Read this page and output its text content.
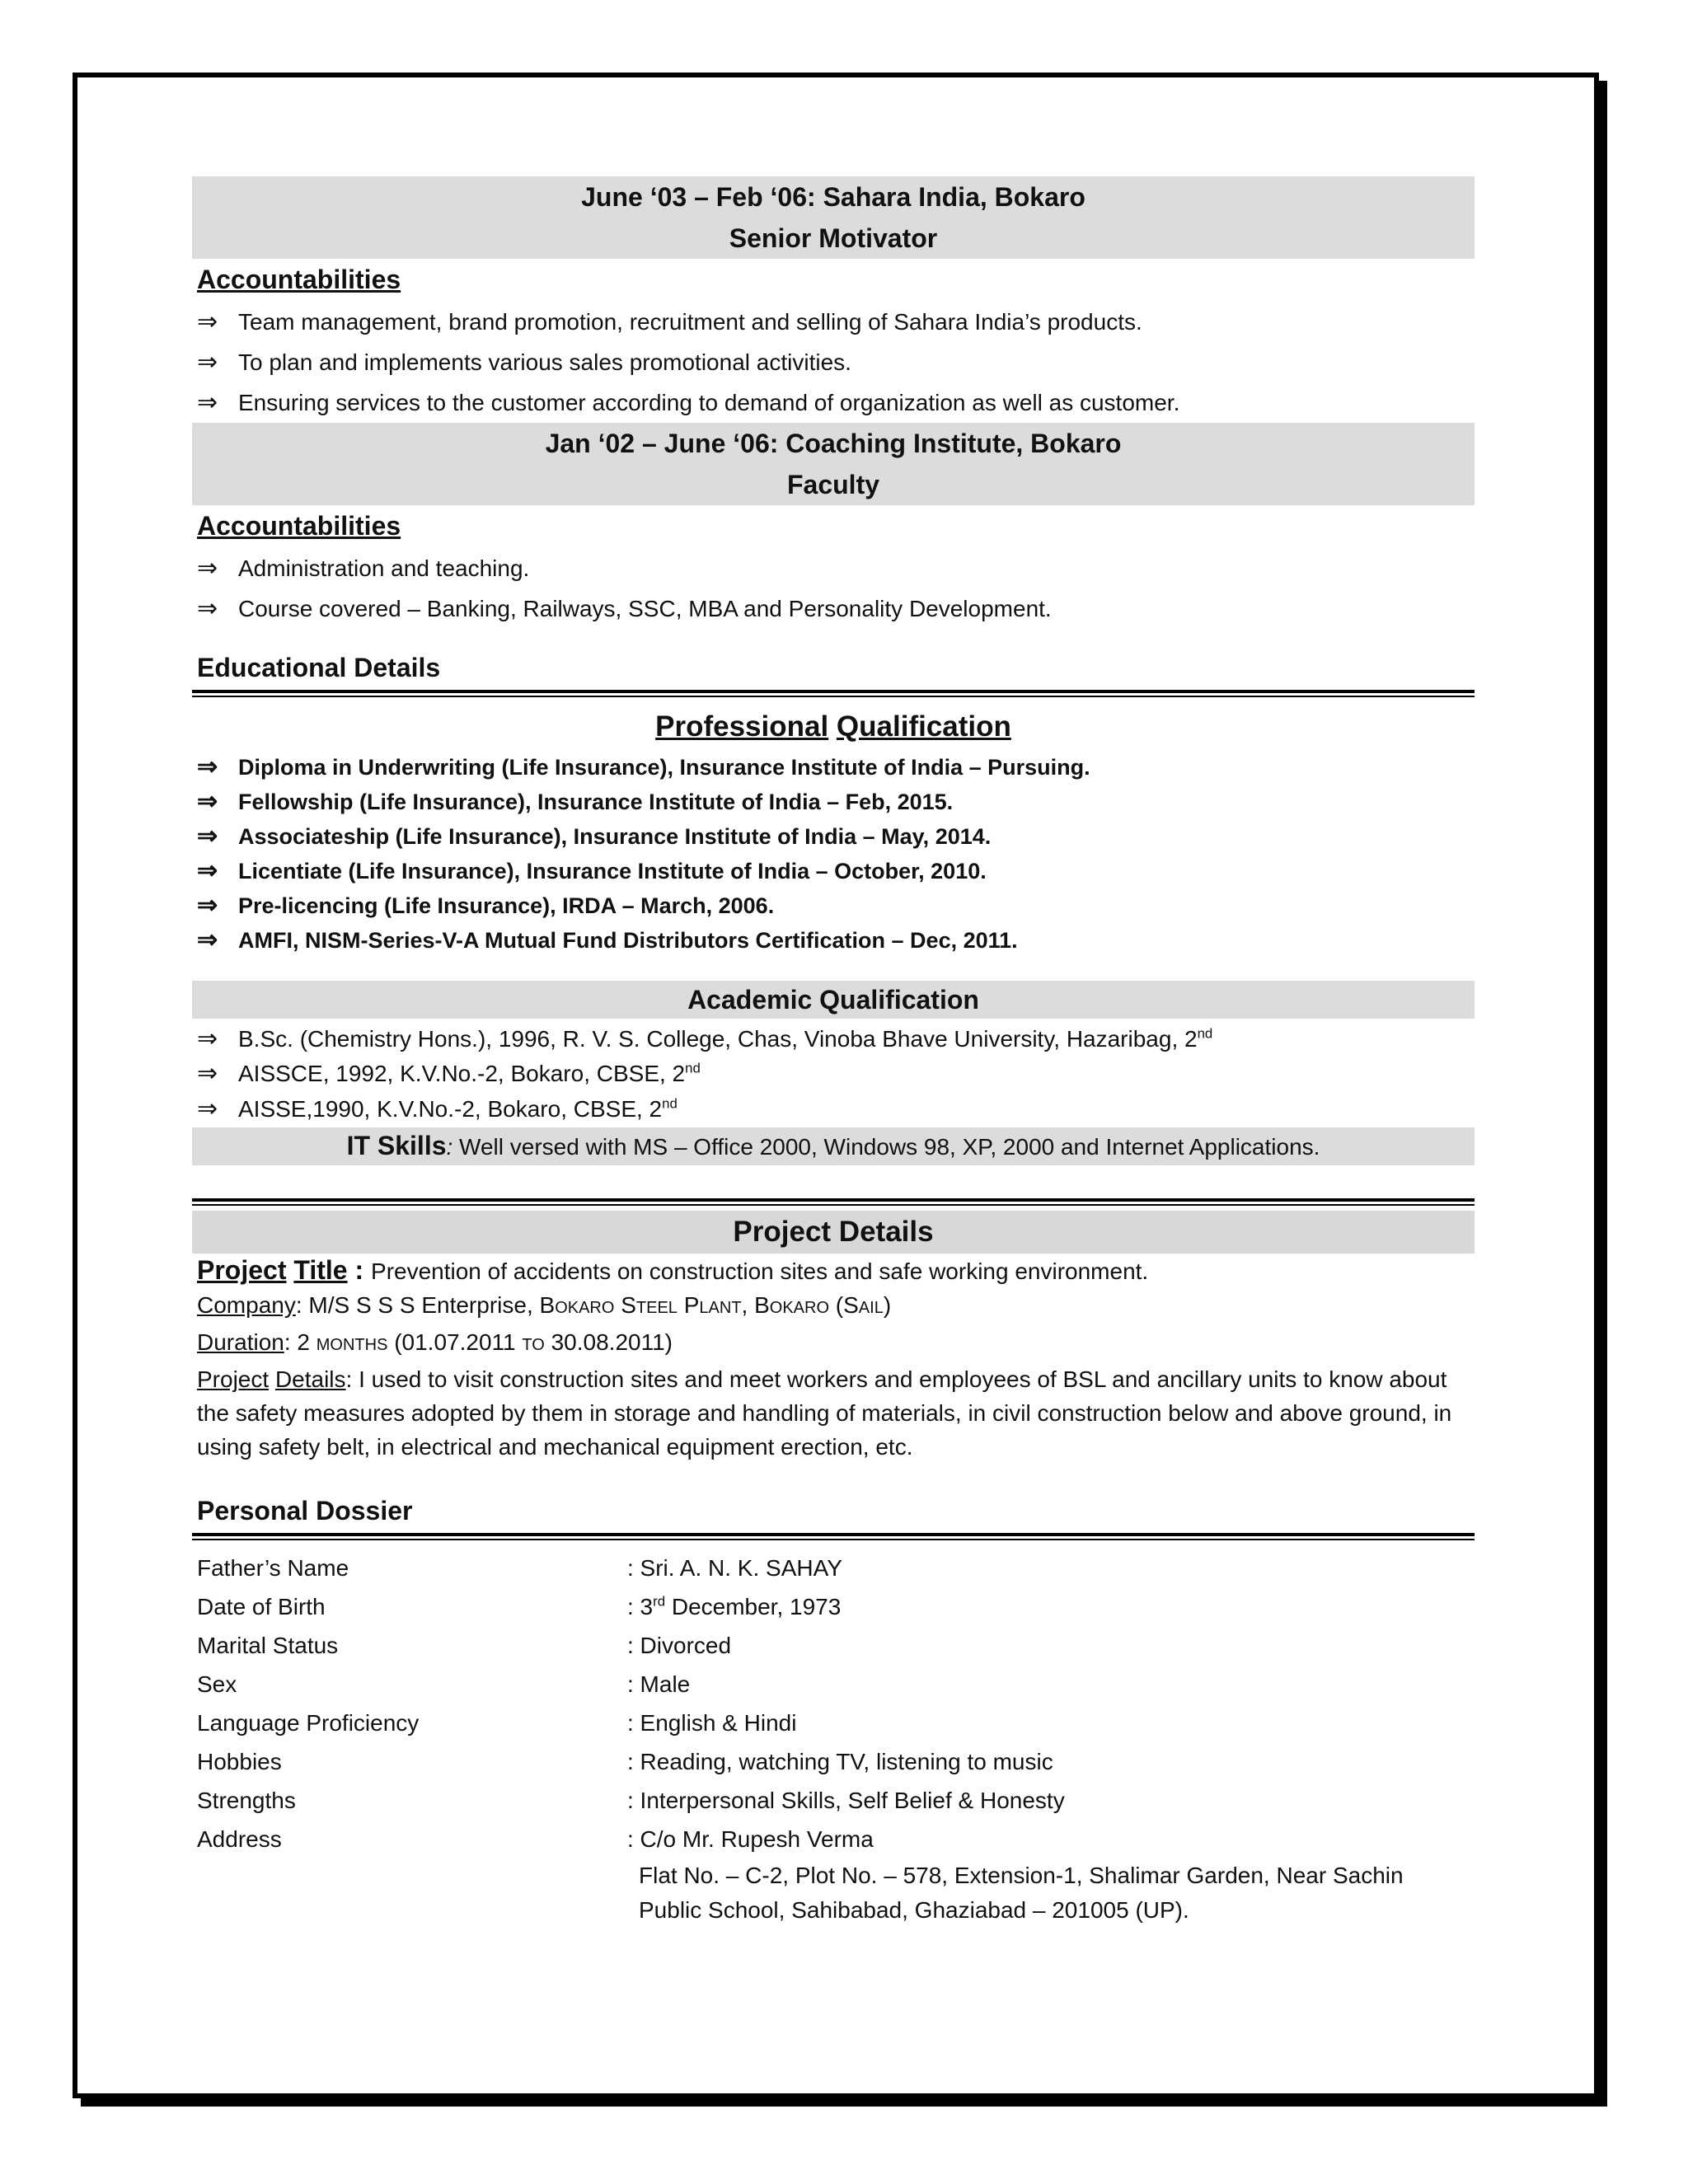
June ‘03 – Feb ‘06: Sahara India, Bokaro
Senior Motivator
Accountabilities
⇒ Team management, brand promotion, recruitment and selling of Sahara India’s products.
⇒ To plan and implements various sales promotional activities.
⇒ Ensuring services to the customer according to demand of organization as well as customer.
Jan ‘02 – June ‘06: Coaching Institute, Bokaro
Faculty
Accountabilities
⇒ Administration and teaching.
⇒ Course covered – Banking, Railways, SSC, MBA and Personality Development.
Educational Details
Professional Qualification
⇒ Diploma in Underwriting (Life Insurance), Insurance Institute of India – Pursuing.
⇒ Fellowship (Life Insurance), Insurance Institute of India – Feb, 2015.
⇒ Associateship (Life Insurance), Insurance Institute of India – May, 2014.
⇒ Licentiate (Life Insurance), Insurance Institute of India – October, 2010.
⇒ Pre-licencing (Life Insurance), IRDA – March, 2006.
⇒ AMFI, NISM-Series-V-A Mutual Fund Distributors Certification – Dec, 2011.
Academic Qualification
⇒ B.Sc. (Chemistry Hons.), 1996, R. V. S. College, Chas, Vinoba Bhave University, Hazaribag, 2nd
⇒ AISSCE, 1992, K.V.No.-2, Bokaro, CBSE, 2nd
⇒ AISSE,1990, K.V.No.-2, Bokaro, CBSE, 2nd
IT Skills: Well versed with MS – Office 2000, Windows 98, XP, 2000 and Internet Applications.
Project Details

Project Title : Prevention of accidents on construction sites and safe working environment.

Company: M/S S S S Enterprise, BOKARO STEEL PLANT, BOKARO (SAIL)

Duration: 2 MONTHS (01.07.2011 TO 30.08.2011)

Project Details: I used to visit construction sites and meet workers and employees of BSL and ancillary units to know about the safety measures adopted by them in storage and handling of materials, in civil construction below and above ground, in using safety belt, in electrical and mechanical equipment erection, etc.

Personal Dossier
Father’s Name	: Sri. A. N. K. SAHAY
Date of Birth	: 3rd December, 1973
Marital Status	: Divorced
Sex	: Male
Language Proficiency	: English & Hindi
Hobbies	: Reading, watching TV, listening to music
Strengths	: Interpersonal Skills, Self Belief & Honesty
Address	: C/o Mr. Rupesh Verma
	Flat No. – C-2, Plot No. – 578, Extension-1, Shalimar Garden, Near Sachin Public School, Sahibabad, Ghaziabad – 201005 (UP).
